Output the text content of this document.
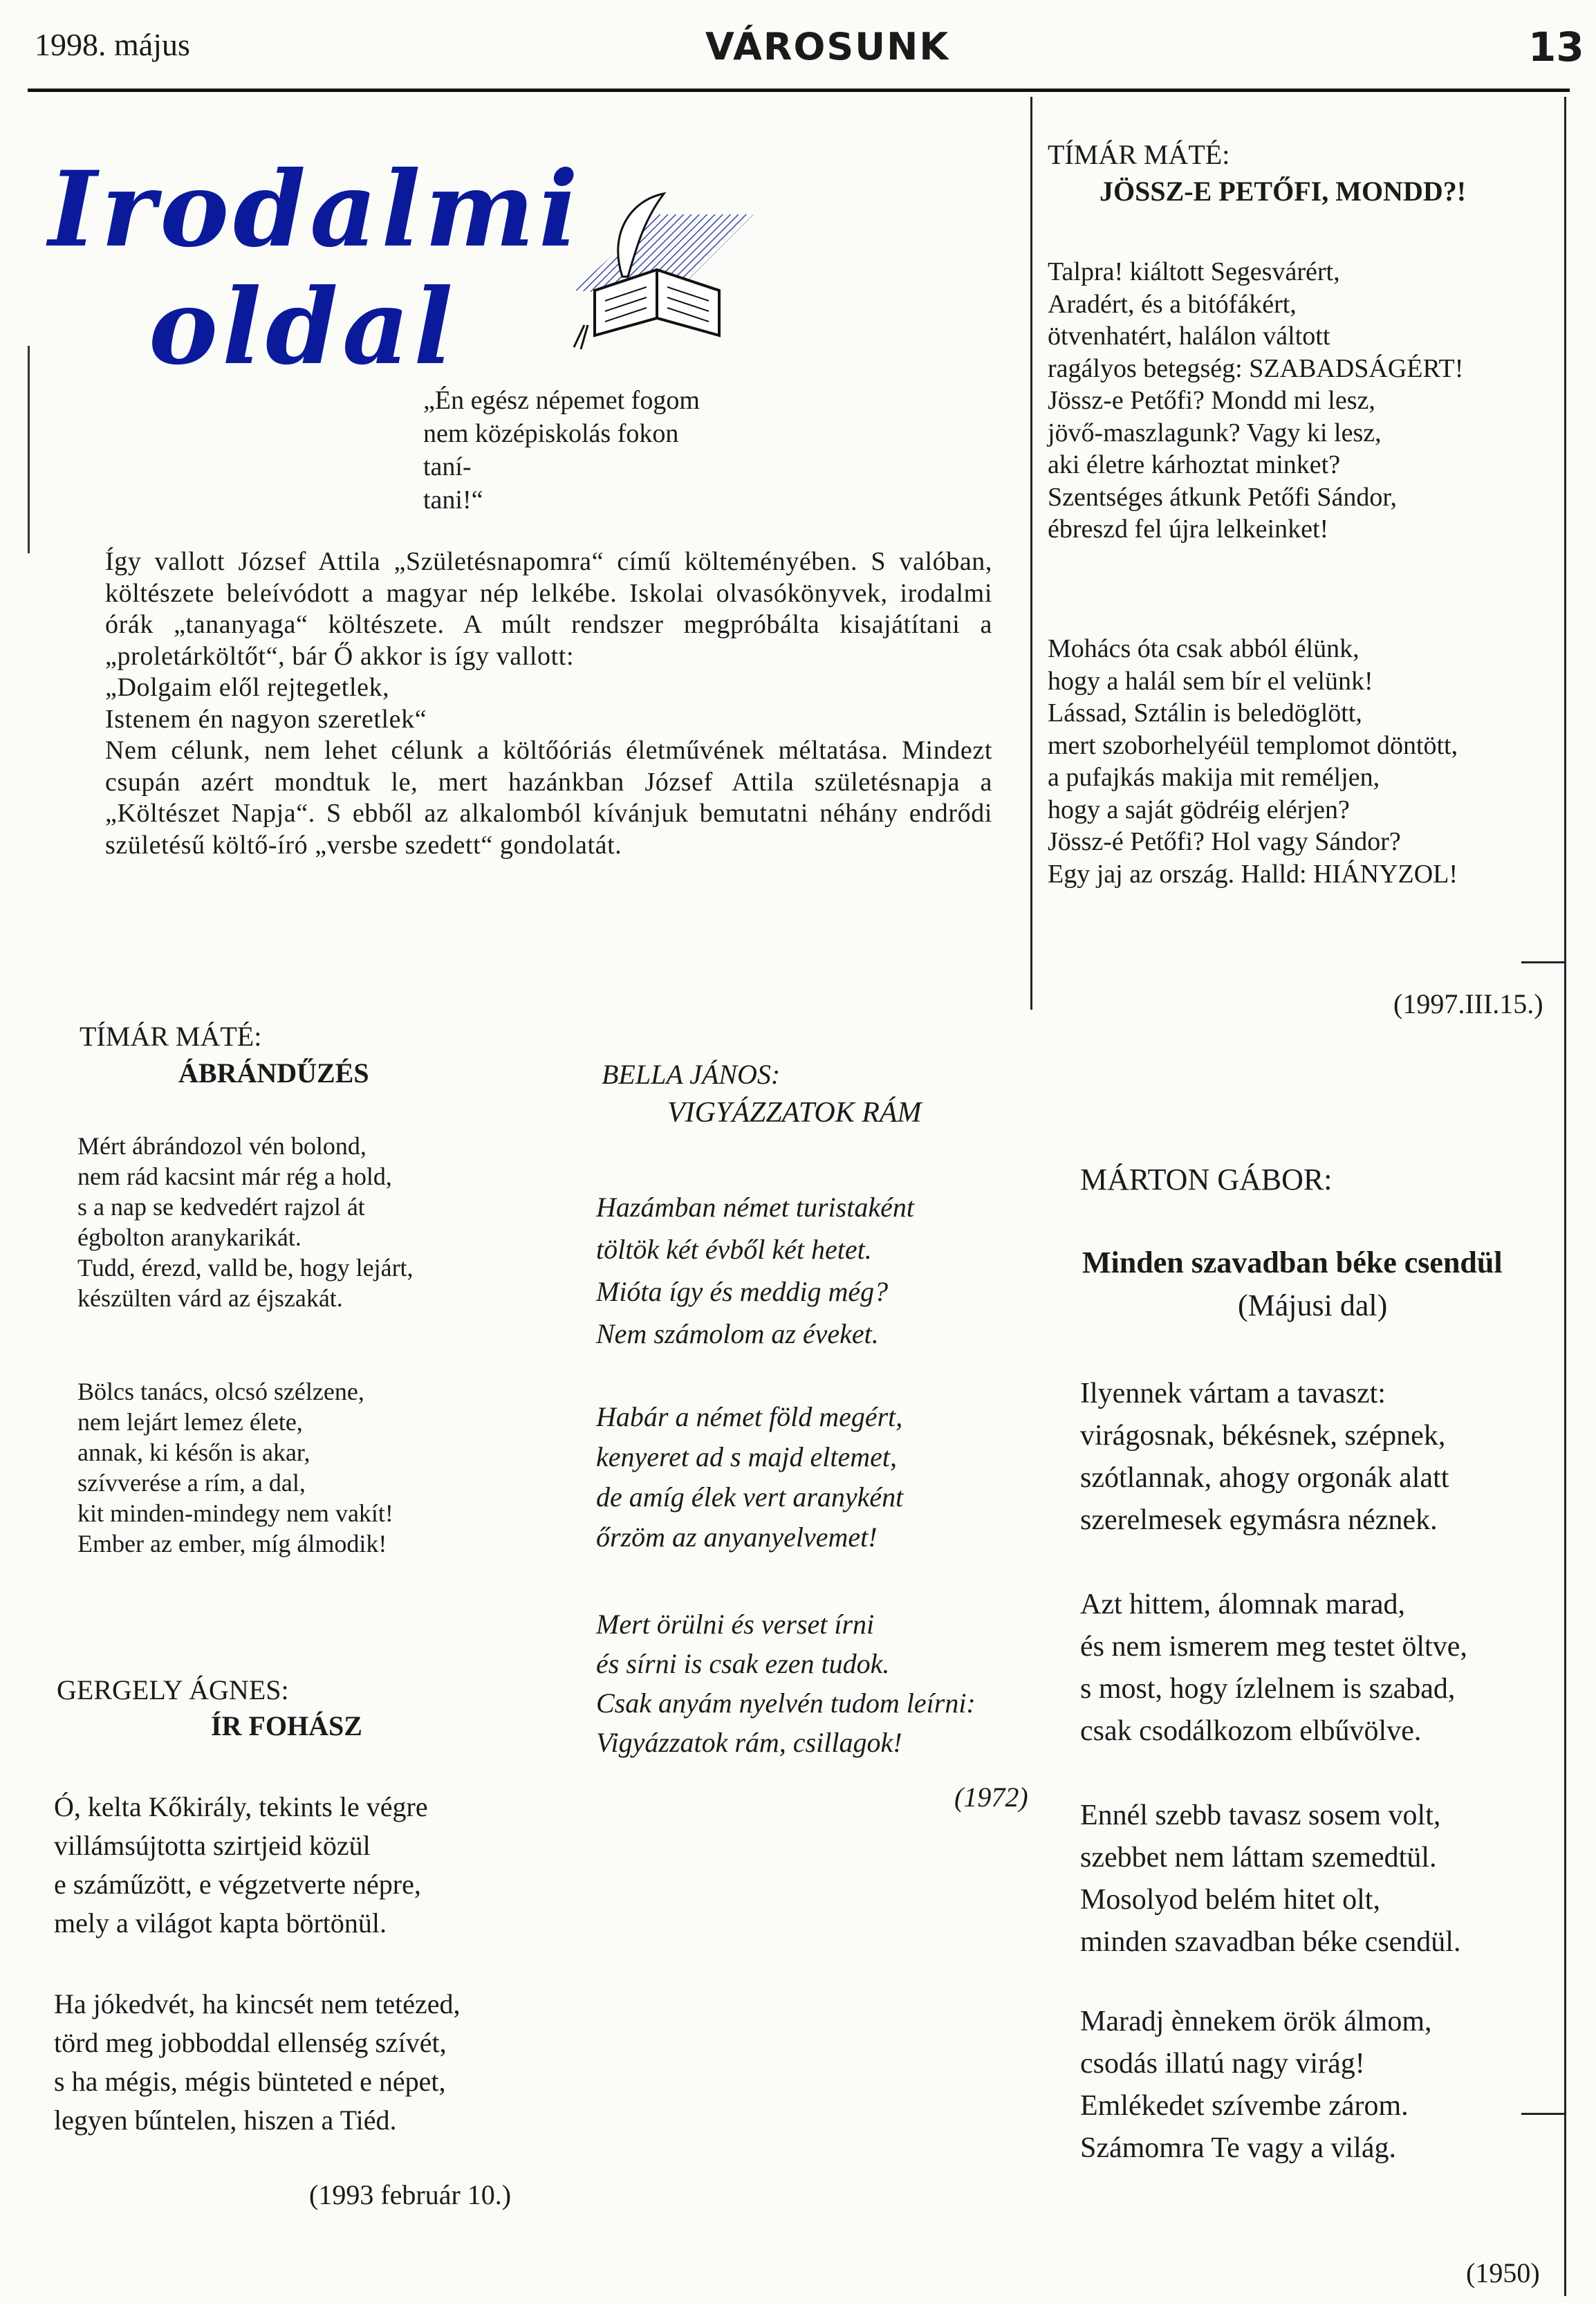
1998. május	VÁROSUNK	13
Irodalmi
oldal
„Én egész népemet fogom
nem középiskolás fokon
taní-
tani!“

Így vallott József Attila „Születésnapomra“ című költeményében. S valóban, költészete beleívódott a magyar nép lelkébe. Iskolai olvasókönyvek, irodalmi órák „tananyaga“ költészete. A múlt rendszer megpróbálta kisajátítani a „proletárköltőt“, bár Ő akkor is így vallott:

„Dolgaim elől rejtegetlek,

Istenem én nagyon szeretlek“

Nem célunk, nem lehet célunk a költőóriás életművének méltatása. Mindezt csupán azért mondtuk le, mert hazánkban József Attila születésnapja a „Költészet Napja“. S ebből az alkalomból kívánjuk bemutatni néhány endrődi születésű költő-író „versbe szedett“ gondolatát.

TÍMÁR MÁTÉ:
ÁBRÁNDŰZÉS
Mért ábrándozol vén bolond,
nem rád kacsint már rég a hold,
s a nap se kedvedért rajzol át
égbolton aranykarikát.
Tudd, érezd, valld be, hogy lejárt,
készülten várd az éjszakát.
Bölcs tanács, olcsó szélzene,
nem lejárt lemez élete,
annak, ki későn is akar,
szívverése a rím, a dal,
kit minden-mindegy nem vakít!
Ember az ember, míg álmodik!
GERGELY ÁGNES:
ÍR FOHÁSZ
Ó, kelta Kőkirály, tekints le végre
villámsújtotta szirtjeid közül
e száműzött, e végzetverte népre,
mely a világot kapta börtönül.
Ha jókedvét, ha kincsét nem tetézed,
törd meg jobboddal ellenség szívét,
s ha mégis, mégis bünteted e népet,
legyen bűntelen, hiszen a Tiéd.
(1993 február 10.)
BELLA JÁNOS:
VIGYÁZZATOK RÁM
Hazámban német turistaként
töltök két évből két hetet.
Mióta így és meddig még?
Nem számolom az éveket.
Habár a német föld megért,
kenyeret ad s majd eltemet,
de amíg élek vert aranyként
őrzöm az anyanyelvemet!
Mert örülni és verset írni
és sírni is csak ezen tudok.
Csak anyám nyelvén tudom leírni:
Vigyázzatok rám, csillagok!
(1972)
TÍMÁR MÁTÉ:
JÖSSZ-E PETŐFI, MONDD?!
Talpra! kiáltott Segesvárért,
Aradért, és a bitófákért,
ötvenhatért, halálon váltott
ragályos betegség: SZABADSÁGÉRT!
Jössz-e Petőfi? Mondd mi lesz,
jövő-maszlagunk? Vagy ki lesz,
aki életre kárhoztat minket?
Szentséges átkunk Petőfi Sándor,
ébreszd fel újra lelkeinket!
Mohács óta csak abból élünk,
hogy a halál sem bír el velünk!
Lássad, Sztálin is beledöglött,
mert szoborhelyéül templomot döntött,
a pufajkás makija mit reméljen,
hogy a saját gödréig elérjen?
Jössz-é Petőfi? Hol vagy Sándor?
Egy jaj az ország. Halld: HIÁNYZOL!
(1997.III.15.)
MÁRTON GÁBOR:
Minden szavadban béke csendül
(Májusi dal)
Ilyennek vártam a tavaszt:
virágosnak, békésnek, szépnek,
szótlannak, ahogy orgonák alatt
szerelmesek egymásra néznek.
Azt hittem, álomnak marad,
és nem ismerem meg testet öltve,
s most, hogy ízlelnem is szabad,
csak csodálkozom elbűvölve.
Ennél szebb tavasz sosem volt,
szebbet nem láttam szemedtül.
Mosolyod belém hitet olt,
minden szavadban béke csendül.
Maradj ènnekem örök álmom,
csodás illatú nagy virág!
Emlékedet szívembe zárom.
Számomra Te vagy a világ.
(1950)
